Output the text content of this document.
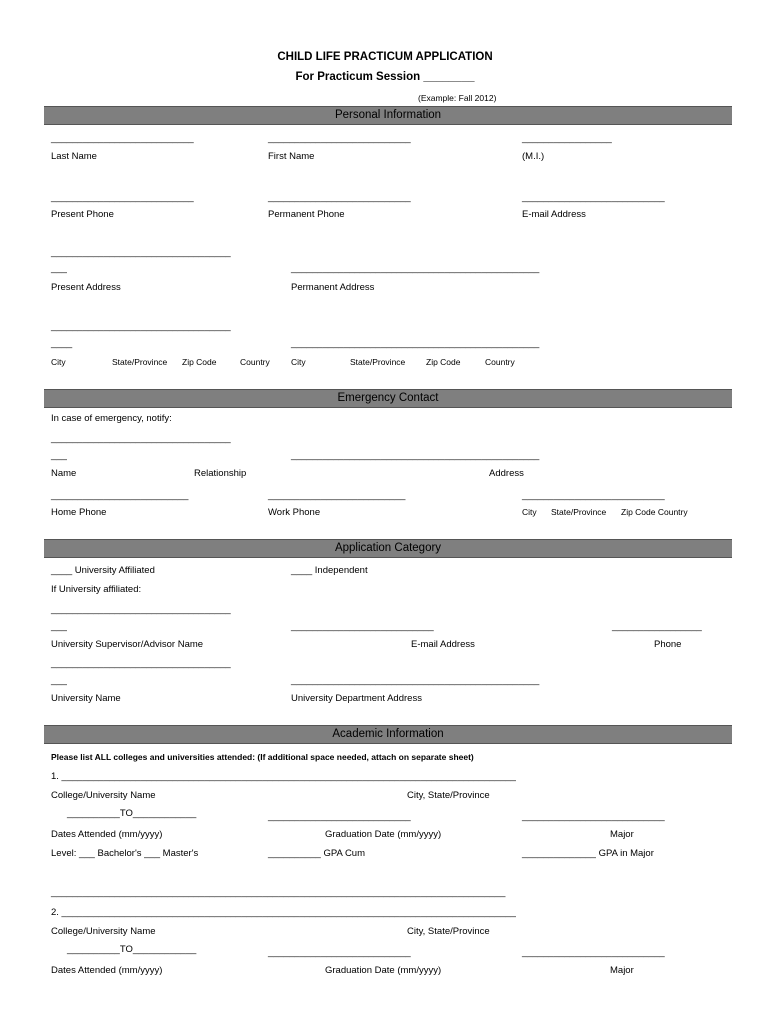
CHILD LIFE PRACTICUM APPLICATION
For Practicum Session ________
(Example: Fall 2012)
Personal Information
___________________________	___________________________	_________________
Last Name	First Name	(M.I.)
___________________________	___________________________	___________________________
Present Phone	Permanent Phone	E-mail Address
__________________________________
___	_______________________________________________
Present Address	Permanent Address
__________________________________
____	_______________________________________________
City	State/Province Zip Code	Country City	State/Province Zip Code	Country
Emergency Contact
In case of emergency, notify:
__________________________________
___	_______________________________________________
Name	Relationship	Address
__________________________	__________________________	___________________________
Home Phone	Work Phone	City State/Province Zip Code Country
Application Category
____ University Affiliated	____ Independent
If University affiliated:
__________________________________
___	___________________________	_________________
University Supervisor/Advisor Name	E-mail Address	Phone
__________________________________
___	_______________________________________________
University Name	University Department Address
Academic Information
Please list ALL colleges and universities attended: (If additional space needed, attach on separate sheet)
1. ______________________________________________________________________________________
College/University Name	City, State/Province
__________TO____________	___________________________	___________________________
Dates Attended (mm/yyyy)	Graduation Date (mm/yyyy)	Major
Level: ___ Bachelor's ___ Master's	__________ GPA Cum	______________ GPA in Major
______________________________________________________________________________________
2. ______________________________________________________________________________________
College/University Name	City, State/Province
__________TO____________	___________________________	___________________________
Dates Attended (mm/yyyy)	Graduation Date (mm/yyyy)	Major
